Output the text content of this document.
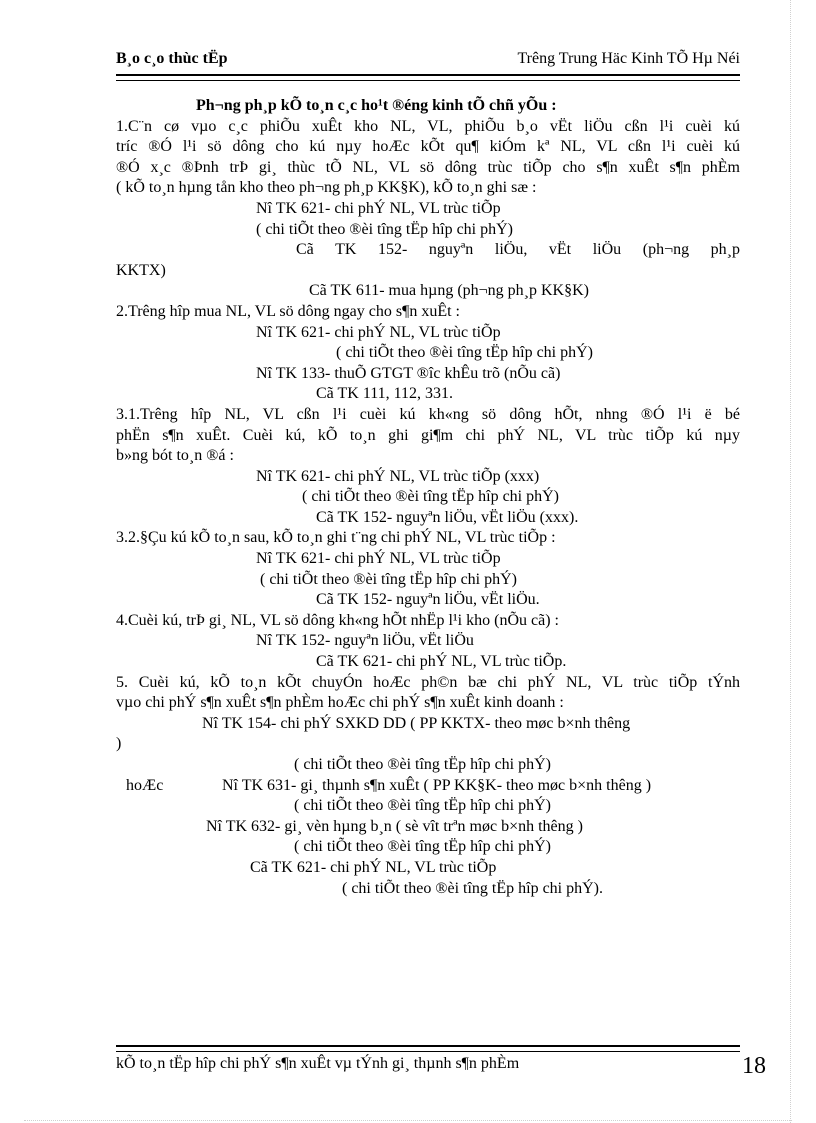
B¸o c¸o thùc tËp	Trêng Trung Häc Kinh TÕ Hµ Néi
Ph¬ng ph¸p kÕ to¸n c¸c ho¹t ®éng kinh tÕ chñ yÕu :
1.C¨n cø vµo c¸c phiÕu xuÊt kho NL, VL, phiÕu b¸o vËt liÖu cßn l¹i cuèi kú
tríc ®Ó l¹i sö dông cho kú nµy hoÆc kÕt qu¶ kiÓm kª NL, VL cßn l¹i cuèi kú
®Ó x¸c ®Þnh trÞ gi¸ thùc tÕ NL, VL sö dông trùc tiÕp cho s¶n xuÊt s¶n phÈm
( kÕ to¸n hµng tån kho theo ph¬ng ph¸p KK§K), kÕ to¸n ghi sæ :
Nî TK 621- chi phÝ NL, VL trùc tiÕp
( chi tiÕt theo ®èi tîng tËp hîp chi phÝ)
Cã TK 152- nguyªn liÖu, vËt liÖu (ph¬ng ph¸p
KKTX)
Cã TK 611- mua hµng (ph¬ng ph¸p KK§K)
2.Trêng hîp mua NL, VL sö dông ngay cho s¶n xuÊt :
Nî TK 621- chi phÝ NL, VL trùc tiÕp
( chi tiÕt theo ®èi tîng tËp hîp chi phÝ)
Nî TK 133- thuÕ GTGT ®îc khÊu trõ (nÕu cã)
Cã TK 111, 112, 331.
3.1.Trêng hîp NL, VL cßn l¹i cuèi kú kh«ng sö dông hÕt, nhng ®Ó l¹i ë bé
phËn s¶n xuÊt. Cuèi kú, kÕ to¸n ghi gi¶m chi phÝ NL, VL trùc tiÕp kú nµy
b»ng bót to¸n ®á :
Nî TK 621- chi phÝ NL, VL trùc tiÕp (xxx)
( chi tiÕt theo ®èi tîng tËp hîp chi phÝ)
Cã TK 152- nguyªn liÖu, vËt liÖu (xxx).
3.2.§Çu kú kÕ to¸n sau, kÕ to¸n ghi t¨ng chi phÝ NL, VL trùc tiÕp :
Nî TK 621- chi phÝ NL, VL trùc tiÕp
( chi tiÕt theo ®èi tîng tËp hîp chi phÝ)
Cã TK 152- nguyªn liÖu, vËt liÖu.
4.Cuèi kú, trÞ gi¸ NL, VL sö dông kh«ng hÕt nhËp l¹i kho (nÕu cã) :
Nî TK 152- nguyªn liÖu, vËt liÖu
Cã TK 621- chi phÝ NL, VL trùc tiÕp.
5. Cuèi kú, kÕ to¸n kÕt chuyÓn hoÆc ph©n bæ chi phÝ NL, VL trùc tiÕp tÝnh
vµo chi phÝ s¶n xuÊt s¶n phÈm hoÆc chi phÝ s¶n xuÊt kinh doanh :
Nî TK 154- chi phÝ SXKD DD ( PP KKTX- theo møc b×nh thêng
)
( chi tiÕt theo ®èi tîng tËp hîp chi phÝ)
hoÆc	Nî TK 631- gi¸ thµnh s¶n xuÊt ( PP KK§K- theo møc b×nh thêng )
( chi tiÕt theo ®èi tîng tËp hîp chi phÝ)
Nî TK 632- gi¸ vèn hµng b¸n ( sè vît trªn møc b×nh thêng )
( chi tiÕt theo ®èi tîng tËp hîp chi phÝ)
Cã TK 621- chi phÝ NL, VL trùc tiÕp
( chi tiÕt theo ®èi tîng tËp hîp chi phÝ).
kÕ to¸n tËp hîp chi phÝ s¶n xuÊt vµ tÝnh gi¸ thµnh s¶n phÈm	18
